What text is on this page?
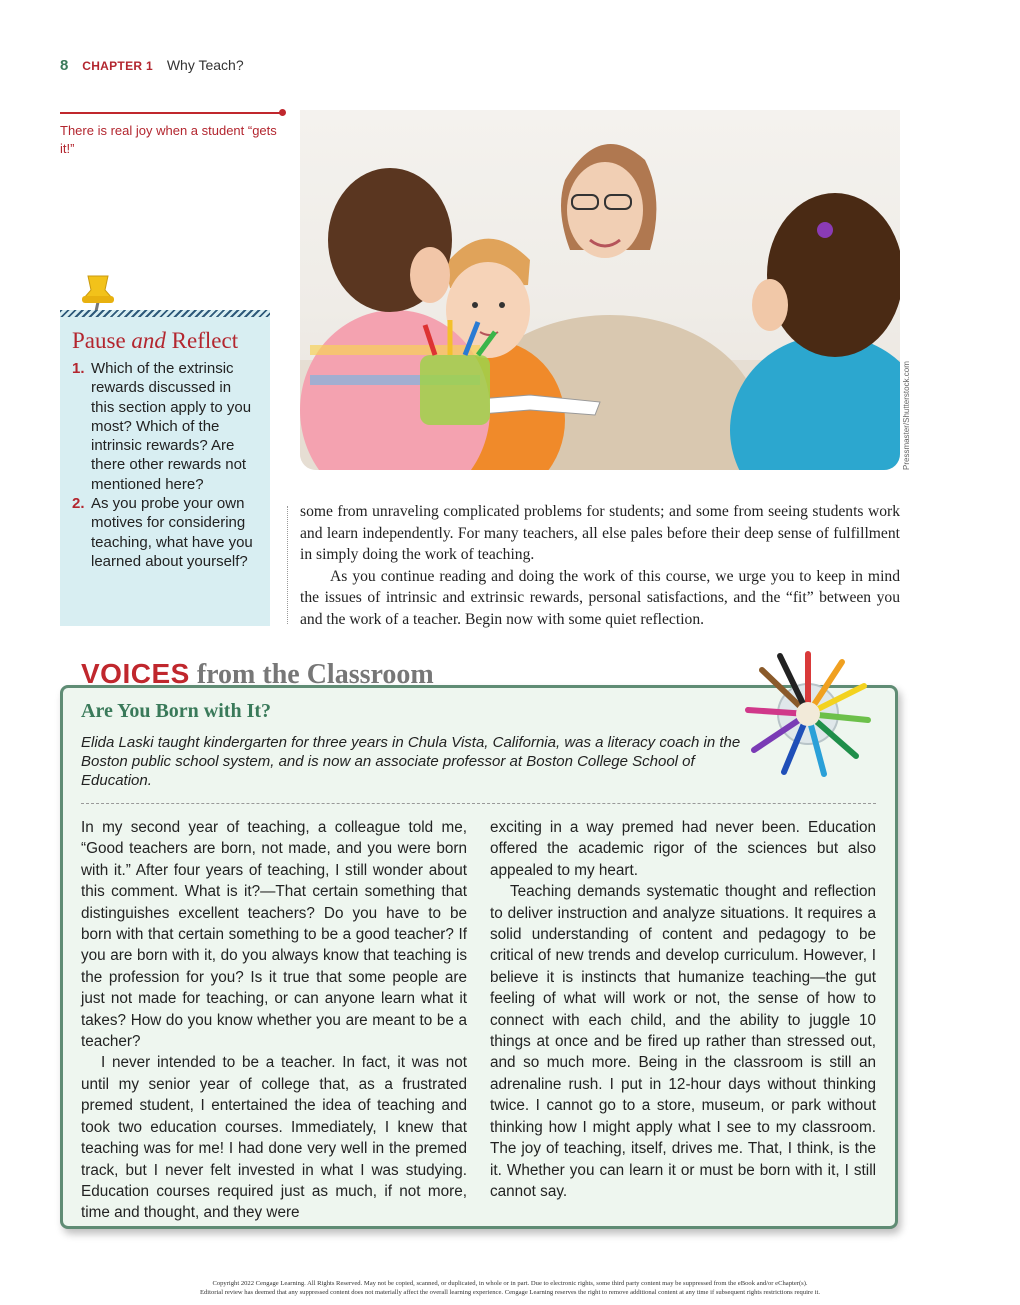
8 CHAPTER 1 Why Teach?
There is real joy when a student “gets it!”
Pressmaster/Shutterstock.com
Pause and Reflect
1. Which of the extrinsic rewards discussed in this section apply to you most? Which of the intrinsic rewards? Are there other rewards not mentioned here?
2. As you probe your own motives for considering teaching, what have you learned about yourself?

some from unraveling complicated problems for students; and some from seeing students work and learn independently. For many teachers, all else pales before their deep sense of fulfillment in simply doing the work of teaching.

As you continue reading and doing the work of this course, we urge you to keep in mind the issues of intrinsic and extrinsic rewards, personal satisfactions, and the “fit” between you and the work of a teacher. Begin now with some quiet reflection.

VOICES from the Classroom
Are You Born with It?
Elida Laski taught kindergarten for three years in Chula Vista, California, was a literacy coach in the Boston public school system, and is now an associate professor at Boston College School of Education.

In my second year of teaching, a colleague told me, “Good teachers are born, not made, and you were born with it.” After four years of teaching, I still wonder about this comment. What is it?—That certain something that distinguishes excellent teachers? Do you have to be born with that certain something to be a good teacher? If you are born with it, do you always know that teaching is the profession for you? Is it true that some people are just not made for teaching, or can anyone learn what it takes? How do you know whether you are meant to be a teacher?

I never intended to be a teacher. In fact, it was not until my senior year of college that, as a frustrated premed student, I entertained the idea of teaching and took two education courses. Immediately, I knew that teaching was for me! I had done very well in the premed track, but I never felt invested in what I was studying. Education courses required just as much, if not more, time and thought, and they were

exciting in a way premed had never been. Education offered the academic rigor of the sciences but also appealed to my heart.

Teaching demands systematic thought and reflection to deliver instruction and analyze situations. It requires a solid understanding of content and pedagogy to be critical of new trends and develop curriculum. However, I believe it is instincts that humanize teaching—the gut feeling of what will work or not, the sense of how to connect with each child, and the ability to juggle 10 things at once and be fired up rather than stressed out, and so much more. Being in the classroom is still an adrenaline rush. I put in 12-hour days without thinking twice. I cannot go to a store, museum, or park without thinking how I might apply what I see to my classroom. The joy of teaching, itself, drives me. That, I think, is the it. Whether you can learn it or must be born with it, I still cannot say.

Copyright 2022 Cengage Learning. All Rights Reserved. May not be copied, scanned, or duplicated, in whole or in part. Due to electronic rights, some third party content may be suppressed from the eBook and/or eChapter(s).
Editorial review has deemed that any suppressed content does not materially affect the overall learning experience. Cengage Learning reserves the right to remove additional content at any time if subsequent rights restrictions require it.
